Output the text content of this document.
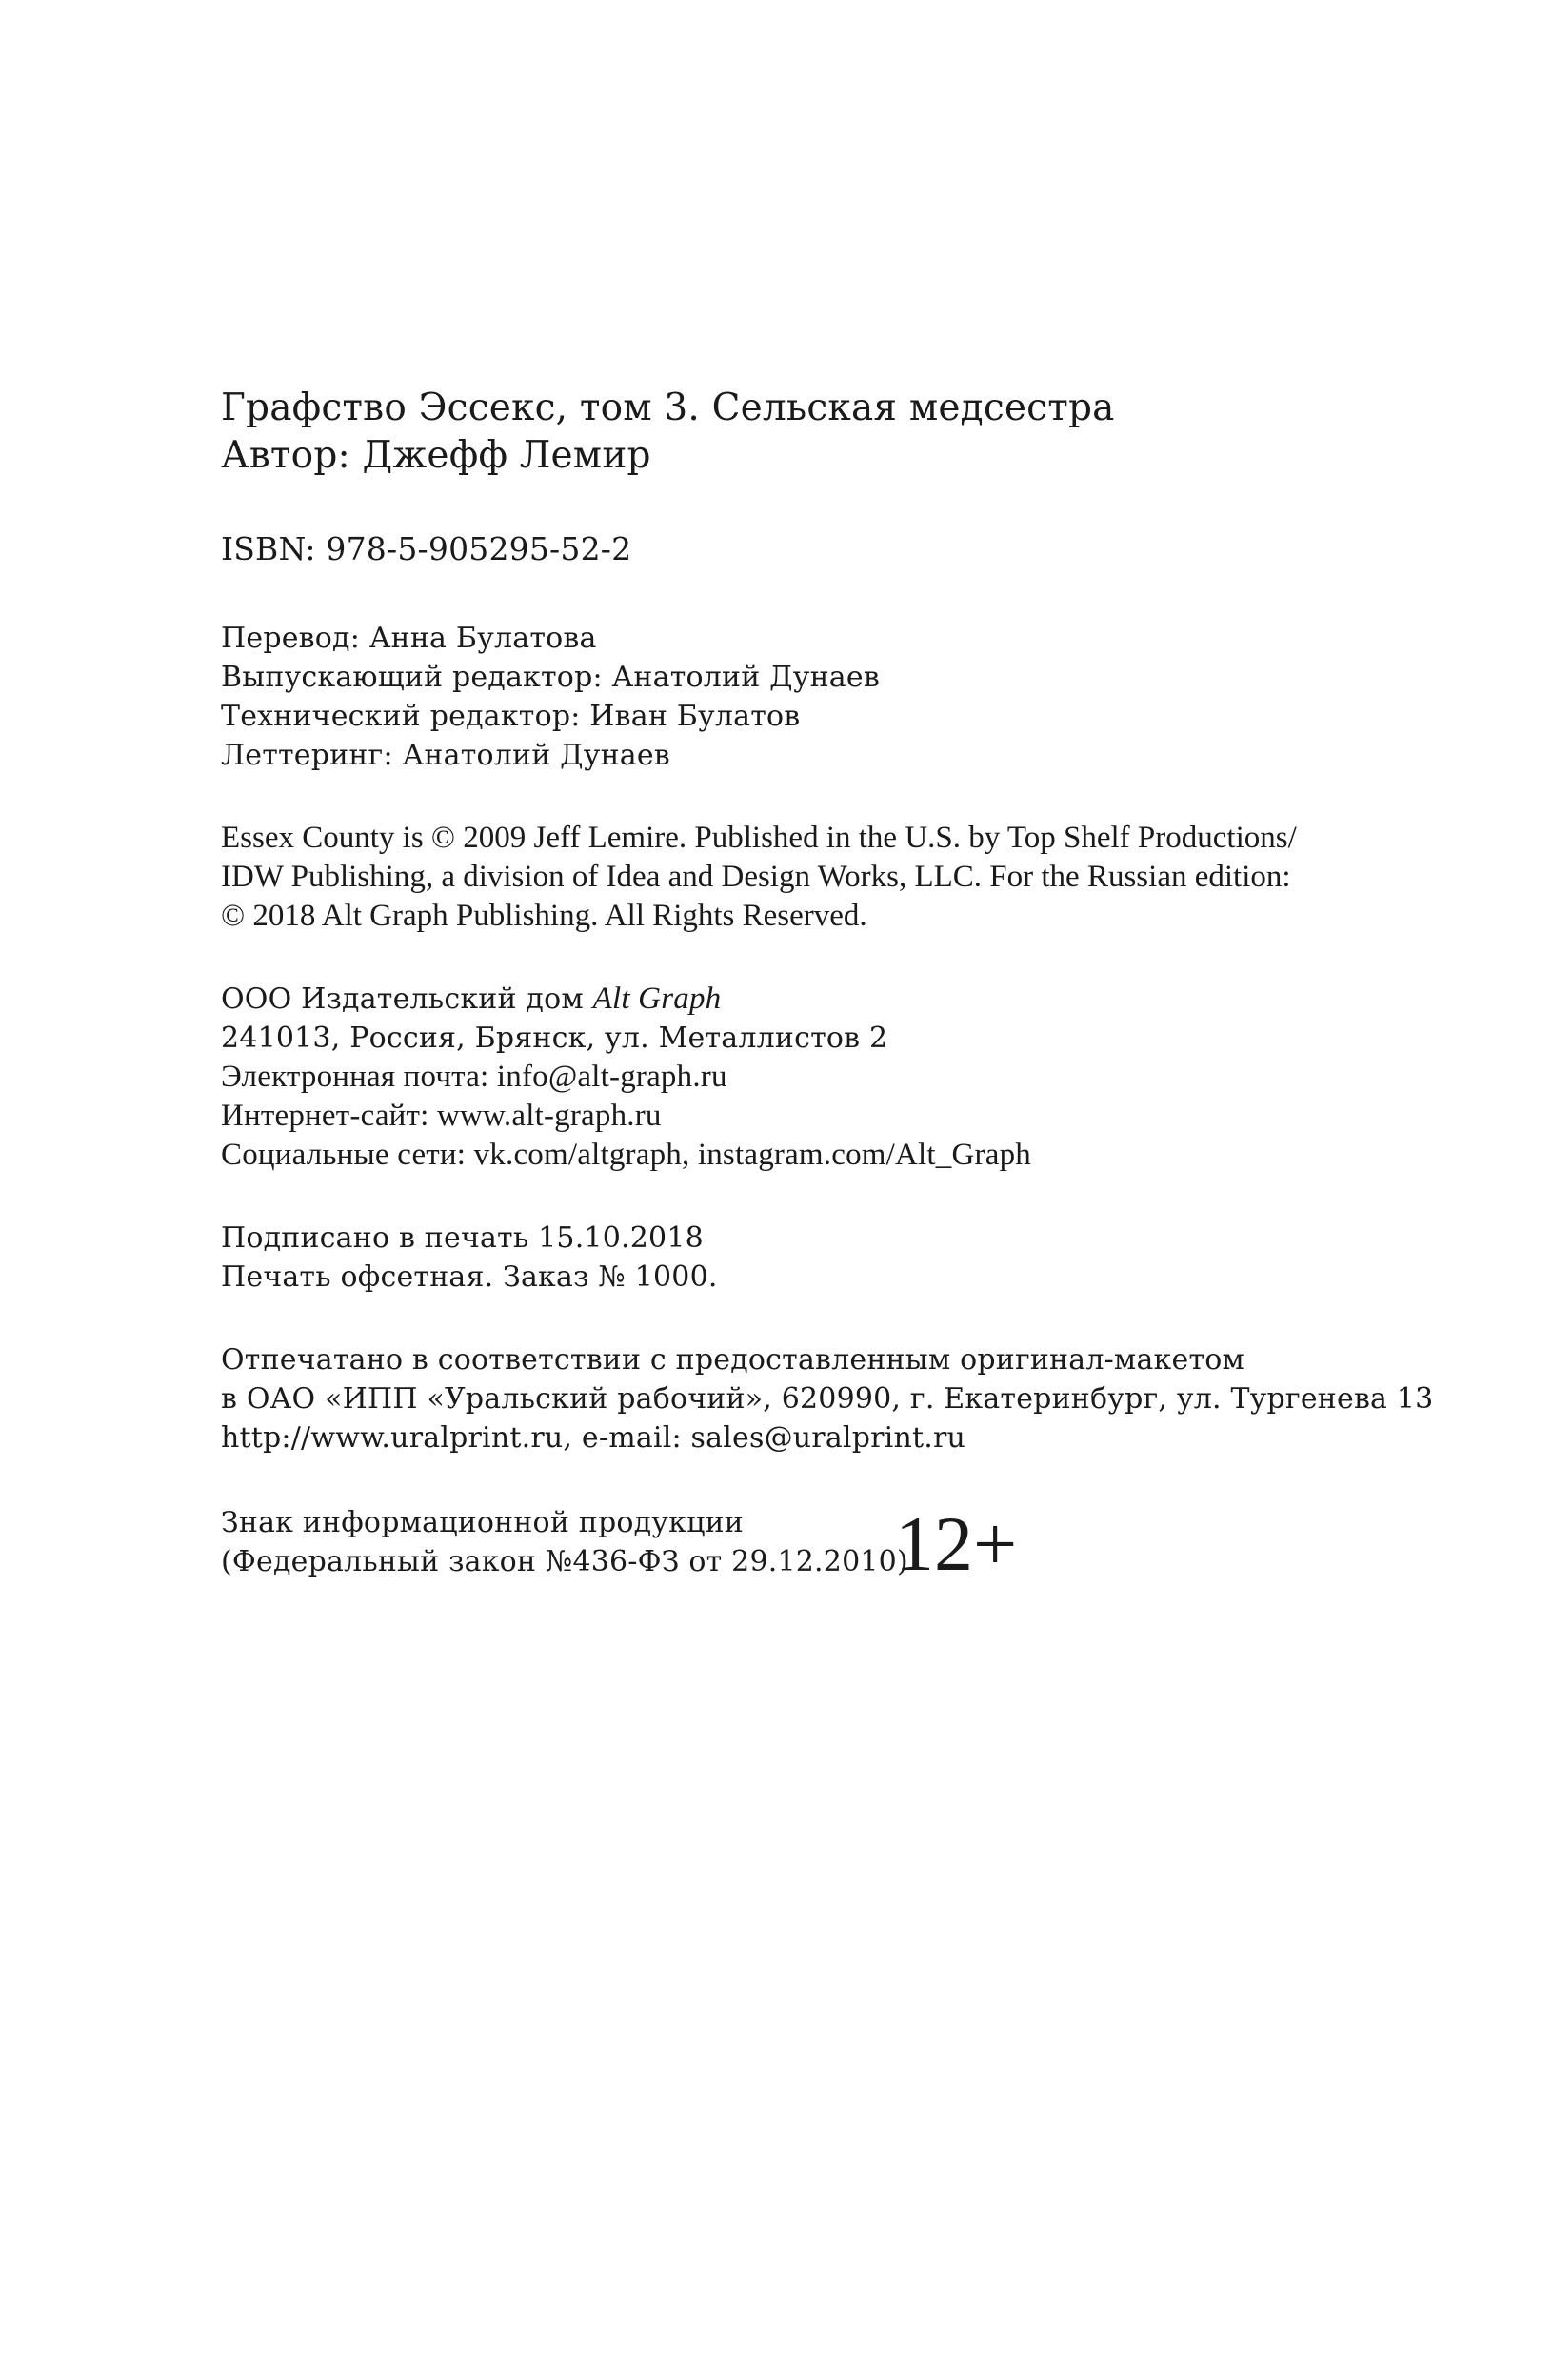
Графство Эссекс, том 3. Сельская медсестра
Автор: Джефф Лемир
ISBN: 978-5-905295-52-2
Перевод: Анна Булатова
Выпускающий редактор: Анатолий Дунаев
Технический редактор: Иван Булатов
Леттеринг: Анатолий Дунаев
Essex County is © 2009 Jeff Lemire. Published in the U.S. by Top Shelf Productions/
IDW Publishing, a division of Idea and Design Works, LLC. For the Russian edition:
© 2018 Alt Graph Publishing. All Rights Reserved.
ООО Издательский дом Alt Graph
241013, Россия, Брянск, ул. Металлистов 2
Электронная почта: info@alt-graph.ru
Интернет-сайт: www.alt-graph.ru
Социальные сети: vk.com/altgraph, instagram.com/Alt_Graph
Подписано в печать 15.10.2018
Печать офсетная. Заказ № 1000.
Отпечатано в соответствии с предоставленным оригинал-макетом
в ОАО «ИПП «Уральский рабочий», 620990, г. Екатеринбург, ул. Тургенева 13
http://www.uralprint.ru, e-mail: sales@uralprint.ru
Знак информационной продукции
(Федеральный закон №436-ФЗ от 29.12.2010)
12+
